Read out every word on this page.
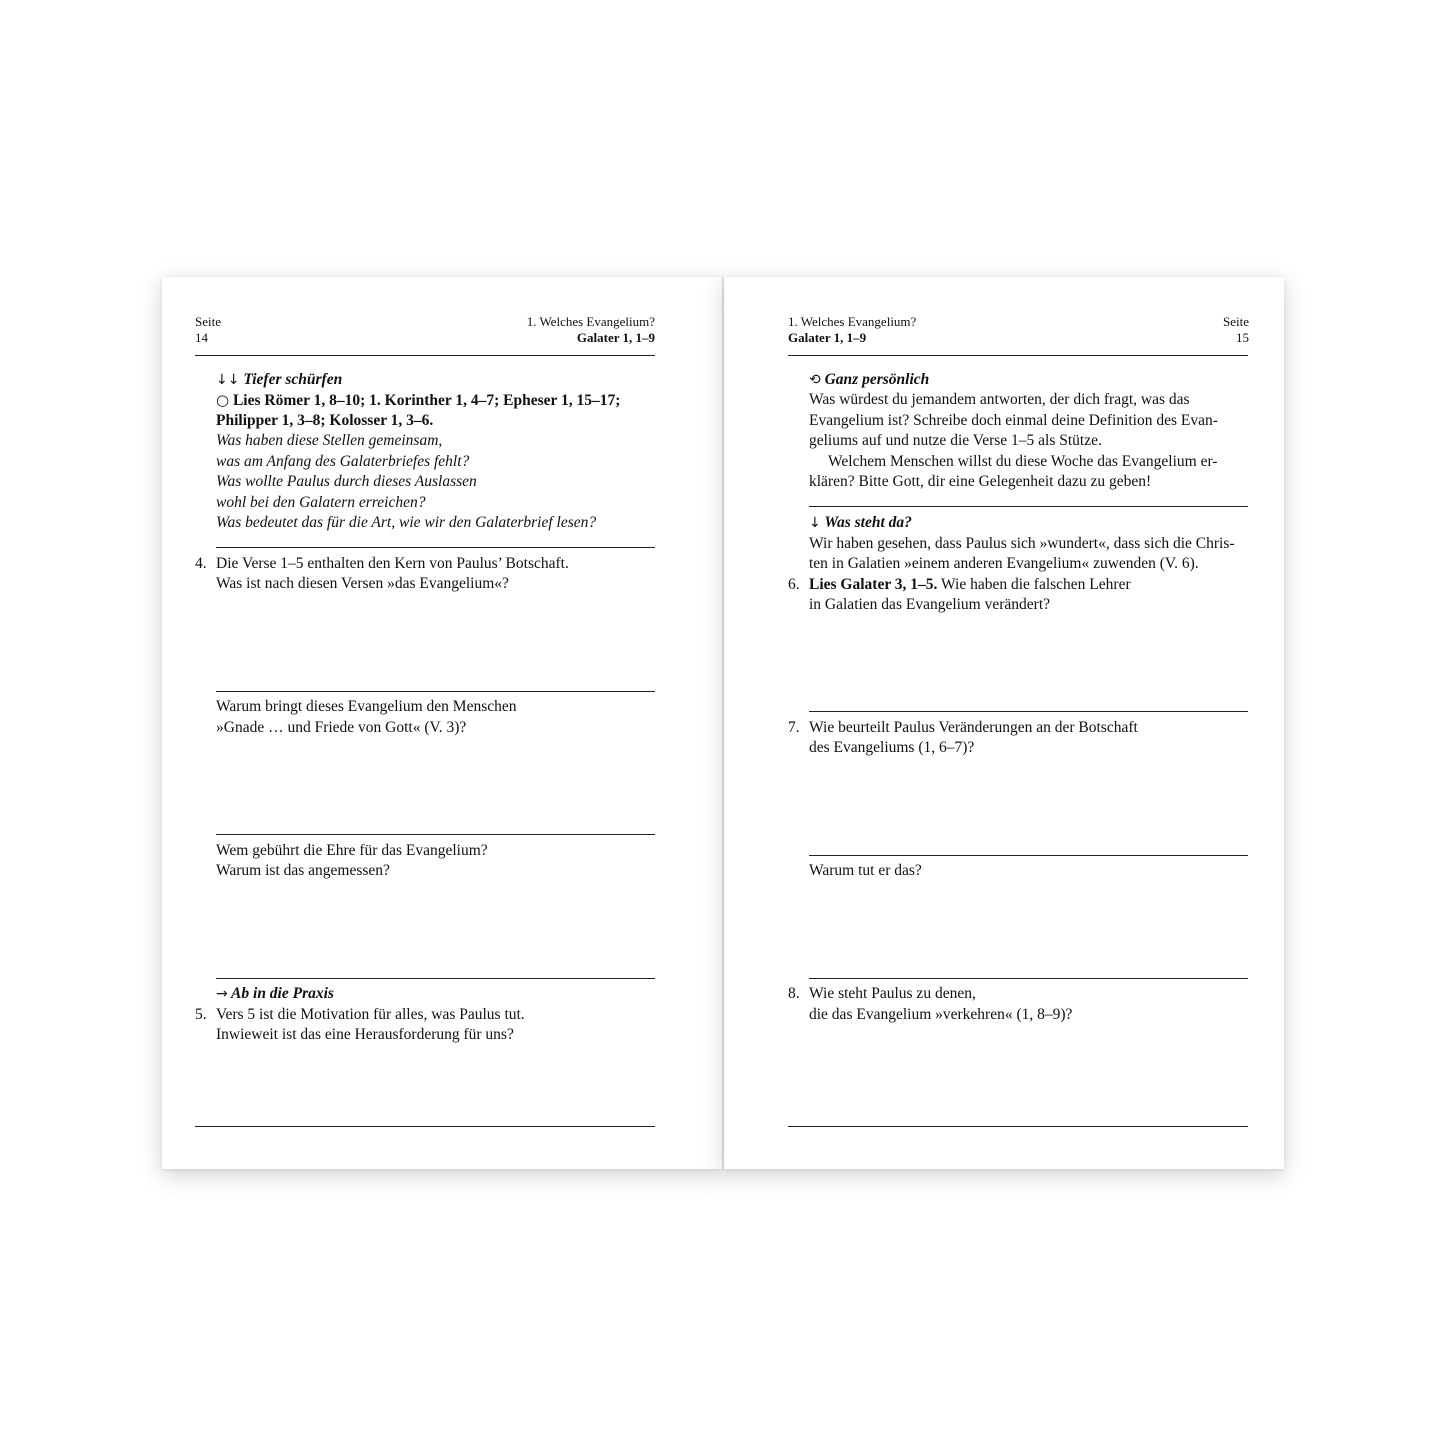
Seite
14
1. Welches Evangelium?
Galater 1, 1–9
↓↓ Tiefer schürfen
○ Lies Römer 1, 8–10; 1. Korinther 1, 4–7; Epheser 1, 15–17;
Philipper 1, 3–8; Kolosser 1, 3–6.
Was haben diese Stellen gemeinsam,
was am Anfang des Galaterbriefes fehlt?
Was wollte Paulus durch dieses Auslassen
wohl bei den Galatern erreichen?
Was bedeutet das für die Art, wie wir den Galaterbrief lesen?
4. Die Verse 1–5 enthalten den Kern von Paulus’ Botschaft.
Was ist nach diesen Versen »das Evangelium«?
Warum bringt dieses Evangelium den Menschen
»Gnade … und Friede von Gott« (V. 3)?
Wem gebührt die Ehre für das Evangelium?
Warum ist das angemessen?
→ Ab in die Praxis
5. Vers 5 ist die Motivation für alles, was Paulus tut.
Inwieweit ist das eine Herausforderung für uns?
1. Welches Evangelium?
Galater 1, 1–9
Seite
15
⟲ Ganz persönlich
Was würdest du jemandem antworten, der dich fragt, was das
Evangelium ist? Schreibe doch einmal deine Definition des Evan-
geliums auf und nutze die Verse 1–5 als Stütze.
Welchem Menschen willst du diese Woche das Evangelium er-
klären? Bitte Gott, dir eine Gelegenheit dazu zu geben!
↓ Was steht da?
Wir haben gesehen, dass Paulus sich »wundert«, dass sich die Chris-
ten in Galatien »einem anderen Evangelium« zuwenden (V. 6).
6. Lies Galater 3, 1–5. Wie haben die falschen Lehrer
in Galatien das Evangelium verändert?
7. Wie beurteilt Paulus Veränderungen an der Botschaft
des Evangeliums (1, 6–7)?
Warum tut er das?
8. Wie steht Paulus zu denen,
die das Evangelium »verkehren« (1, 8–9)?
